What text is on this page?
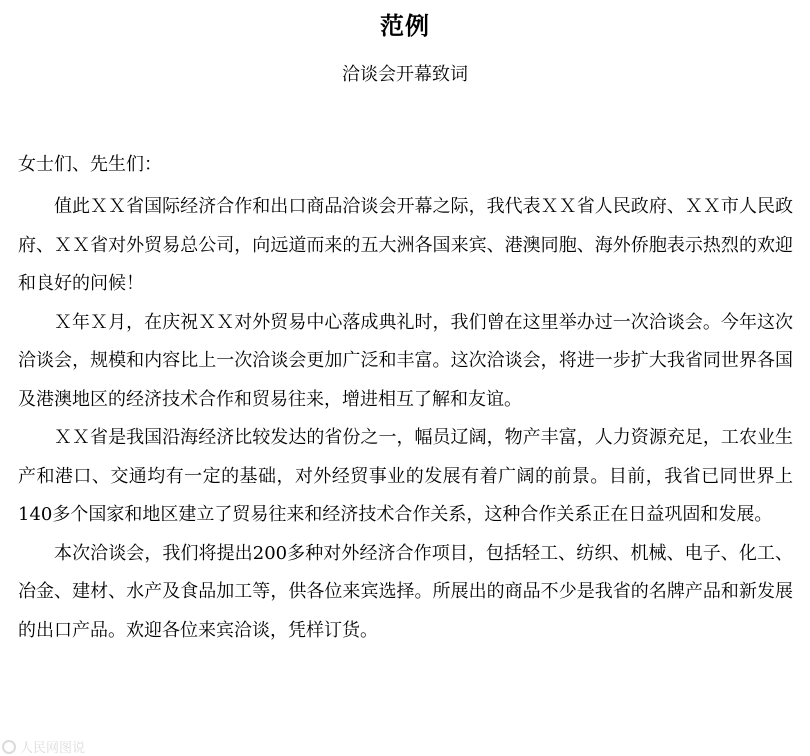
范例
洽谈会开幕致词
女士们、先生们：

值此ＸＸ省国际经济合作和出口商品洽谈会开幕之际，我代表ＸＸ省人民政府、ＸＸ市人民政府、ＸＸ省对外贸易总公司，向远道而来的五大洲各国来宾、港澳同胞、海外侨胞表示热烈的欢迎和良好的问候！

Ｘ年Ｘ月，在庆祝ＸＸ对外贸易中心落成典礼时，我们曾在这里举办过一次洽谈会。今年这次洽谈会，规模和内容比上一次洽谈会更加广泛和丰富。这次洽谈会，将进一步扩大我省同世界各国及港澳地区的经济技术合作和贸易往来，增进相互了解和友谊。

ＸＸ省是我国沿海经济比较发达的省份之一，幅员辽阔，物产丰富，人力资源充足，工农业生产和港口、交通均有一定的基础，对外经贸事业的发展有着广阔的前景。目前，我省已同世界上140多个国家和地区建立了贸易往来和经济技术合作关系，这种合作关系正在日益巩固和发展。

本次洽谈会，我们将提出200多种对外经济合作项目，包括轻工、纺织、机械、电子、化工、冶金、建材、水产及食品加工等，供各位来宾选择。所展出的商品不少是我省的名牌产品和新发展的出口产品。欢迎各位来宾洽谈，凭样订货。

人民网图说
